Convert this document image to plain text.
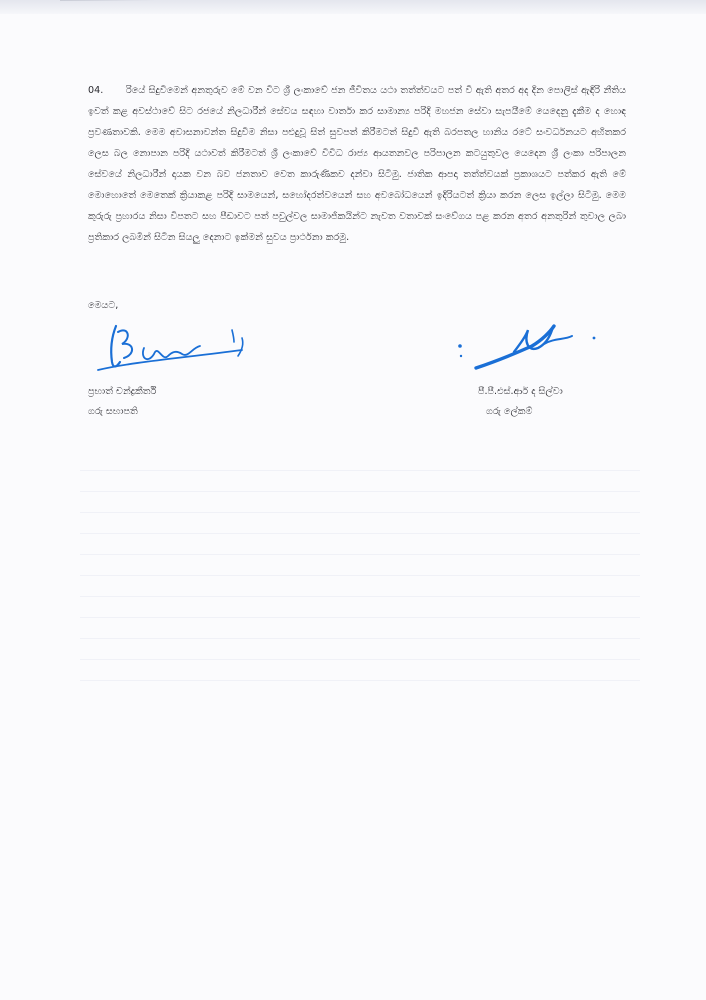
04. රියේ සිදුවීමෙන් අනතුරුව මේ වන විට ශ්‍රී ලංකාවේ ජන ජීවිතය යථා තත්ත්වයට පත් වී ඇති අතර අද දින පොලිස් ඇඳිරි නීතිය ඉවත් කළ අවස්ථාවේ සිට රජයේ නිලධාරීන් සේවය සඳහා වාර්තා කර සාමාන්‍ය පරිදි මහජන සේවා සැපයීමේ යෙදෙනු දැකීම ද හොඳ ප්‍රවණතාවකි. මෙම අවාසනාවන්ත සිදුවීම නිසා පළුදුවූ සිත් සුවපත් කිරීමටත් සිදුවී ඇති බරපතල හානිය රටේ සංවර්ධනයට අහිතකර ලෙස බල නොපාන පරිදි යථාවත් කිරීමටත් ශ්‍රී ලංකාවේ විවිධ රාජ්‍ය ආයතනවල පරිපාලන කටයුතුවල යෙදෙන ශ්‍රී ලංකා පරිපාලන සේවයේ නිලධාරීන් දායක වන බව ජනතාව වෙත කාරුණිකව දන්වා සිටිමු. ජාතික ආපදා තත්ත්වයක් ප්‍රකාශයට පත්කර ඇති මේ මොහොතේ මෙතෙක් ක්‍රියාකළ පරිදි සාමයෙන්, සහෝදරත්වයෙන් සහ අවබෝධයෙන් ඉදිරියටත් ක්‍රියා කරන ලෙස ඉල්ලා සිටිමු. මෙම කුරුරු ප්‍රහාරය නිසා විපතට සහ පීඩාවට පත් පවුල්වල සාමාජිකයින්ට නැවත වතාවක් සංවේගය පළ කරන අතර අනතුරින් තුවාල ලබා ප්‍රතිකාර ලබමින් සිටින සියලු දෙනාට ඉක්මන් සුවය ප්‍රාර්ථනා කරමු.
මෙයට,
ප්‍රභාත් චන්ද්‍රකීර්ති
ගරු සභාපති
පී.පී.එස්.ආර් ද සිල්වා
ගරු ලේකම්
